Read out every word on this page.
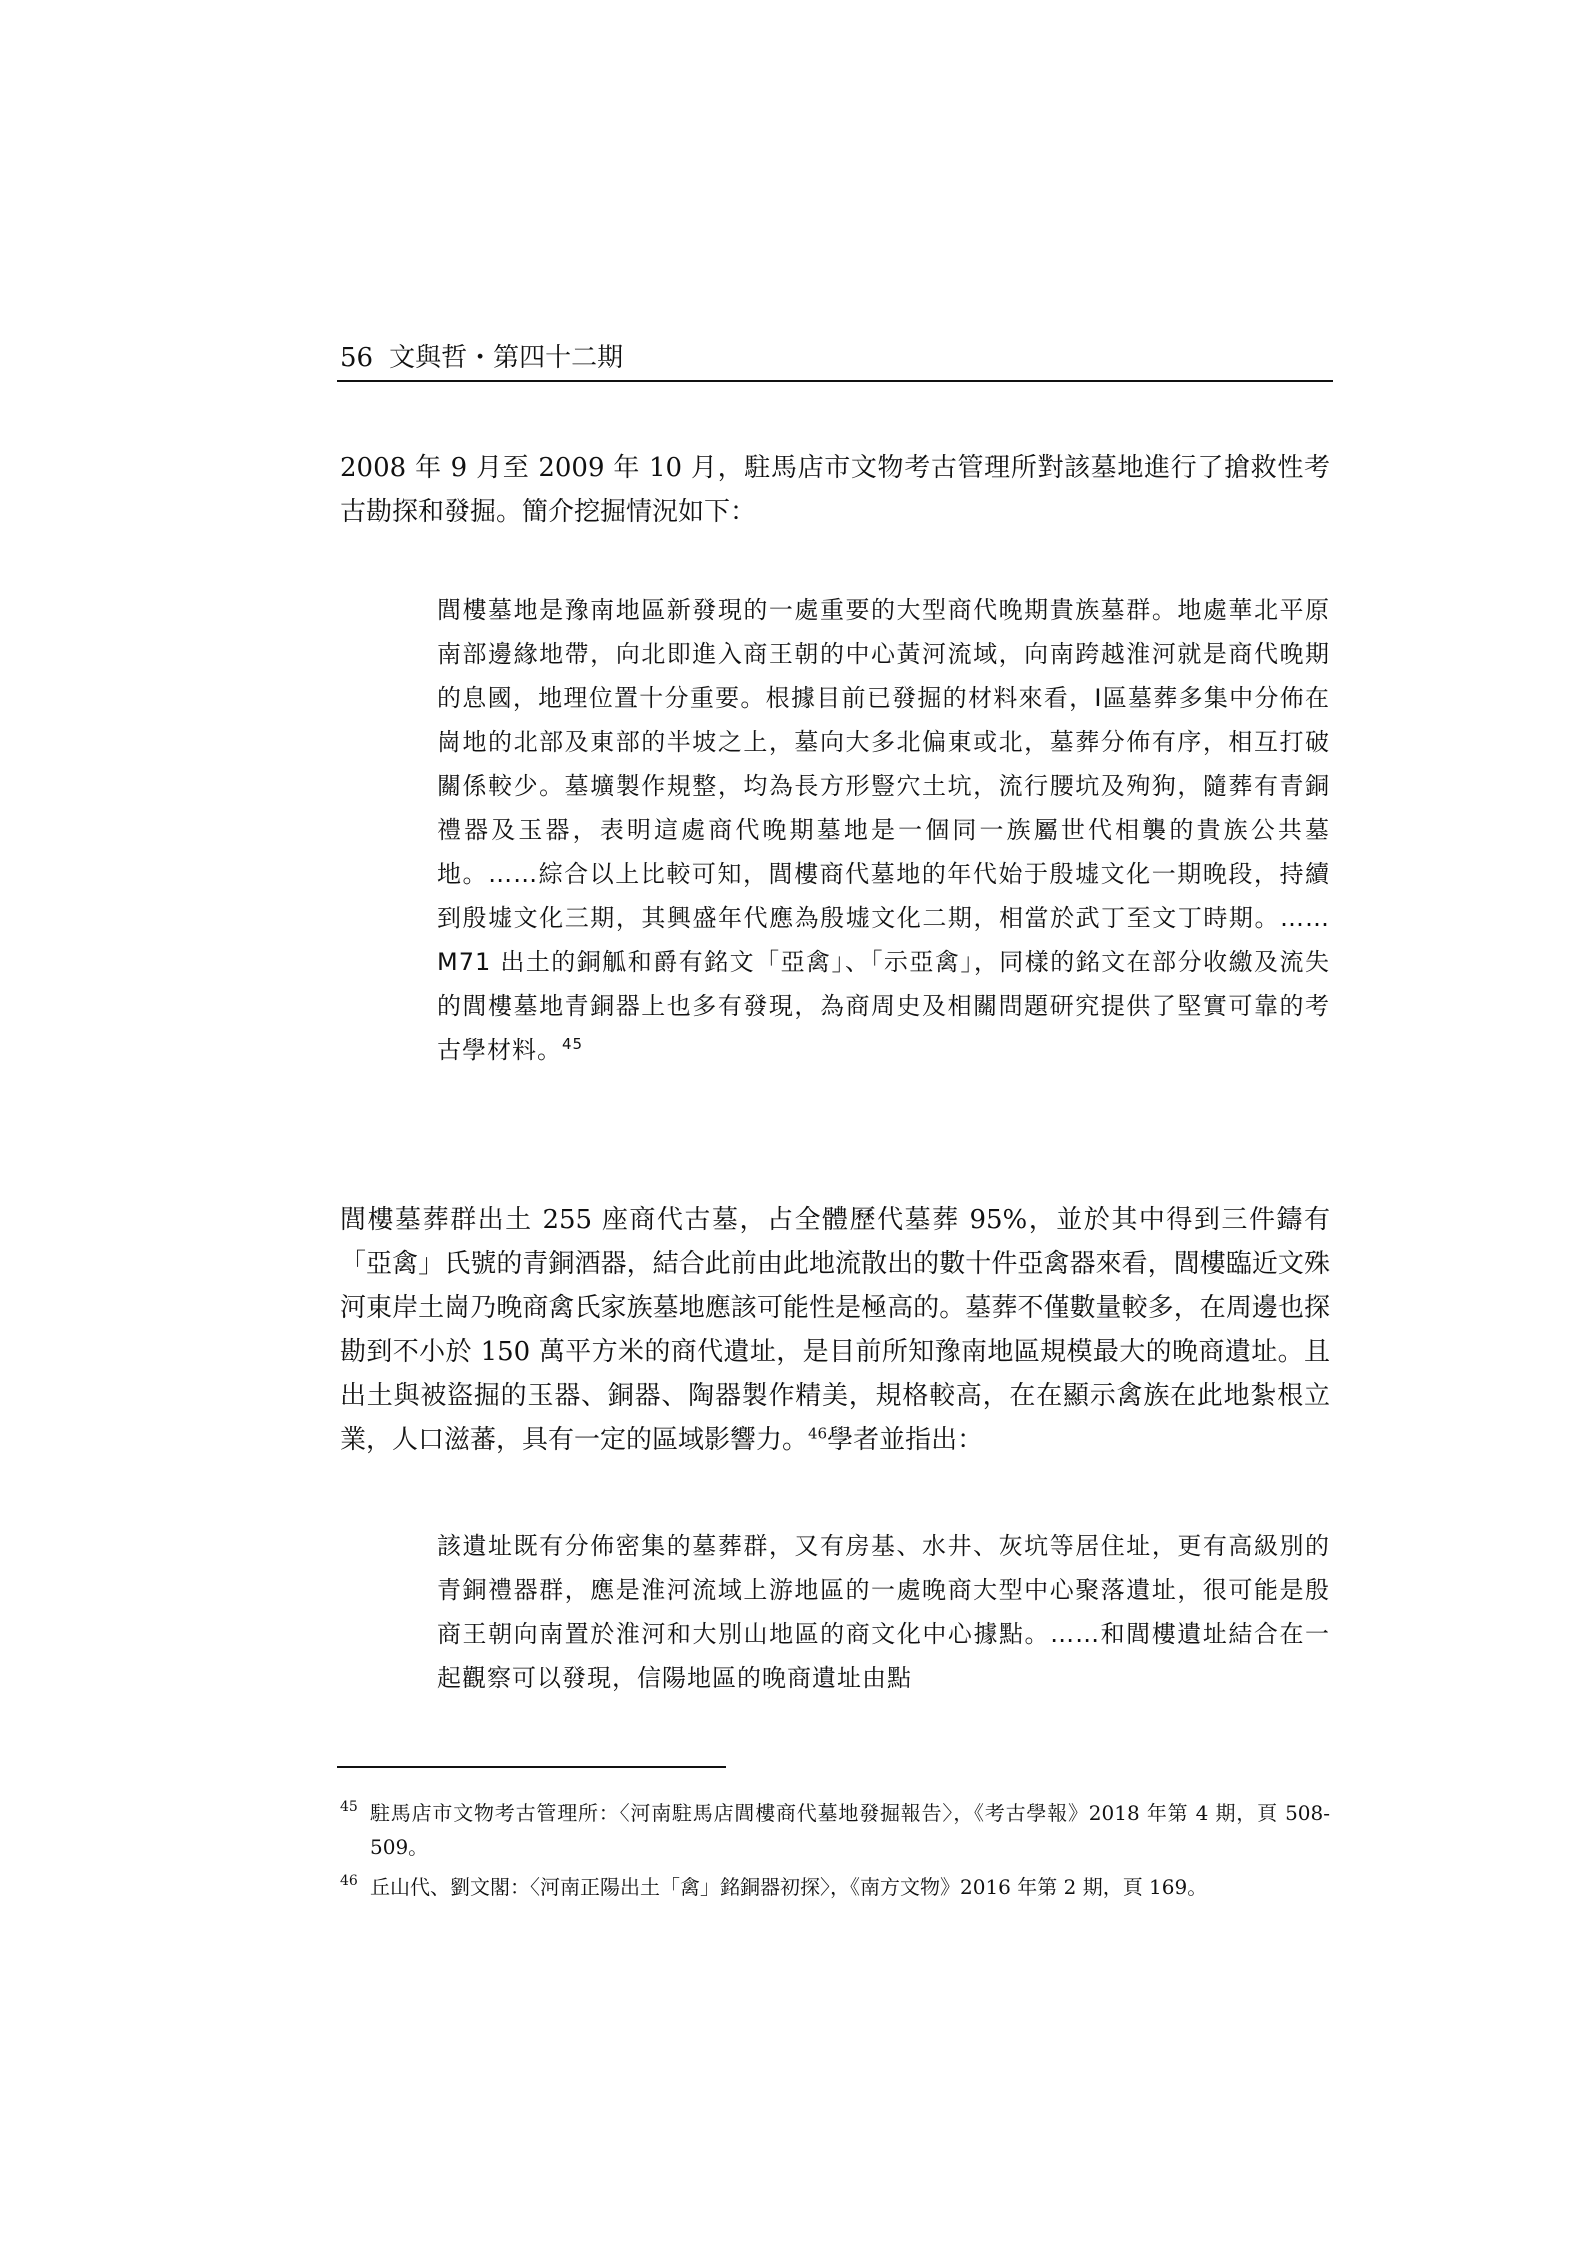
56 文與哲・第四十二期

2008 年 9 月至 2009 年 10 月，駐馬店市文物考古管理所對該墓地進行了搶救性考古勘探和發掘。簡介挖掘情況如下：

閭樓墓地是豫南地區新發現的一處重要的大型商代晚期貴族墓群。地處華北平原南部邊緣地帶，向北即進入商王朝的中心黃河流域，向南跨越淮河就是商代晚期的息國，地理位置十分重要。根據目前已發掘的材料來看，Ⅰ區墓葬多集中分佈在崗地的北部及東部的半坡之上，墓向大多北偏東或北，墓葬分佈有序，相互打破關係較少。墓壙製作規整，均為長方形豎穴土坑，流行腰坑及殉狗，隨葬有青銅禮器及玉器，表明這處商代晚期墓地是一個同一族屬世代相襲的貴族公共墓地。……綜合以上比較可知，閭樓商代墓地的年代始于殷墟文化一期晚段，持續到殷墟文化三期，其興盛年代應為殷墟文化二期，相當於武丁至文丁時期。……M71 出土的銅觚和爵有銘文「亞禽」、「示亞禽」，同樣的銘文在部分收繳及流失的閭樓墓地青銅器上也多有發現，為商周史及相關問題研究提供了堅實可靠的考古學材料。$^{45}$

閭樓墓葬群出土 255 座商代古墓，占全體歷代墓葬 95%，並於其中得到三件鑄有「亞禽」氏號的青銅酒器，結合此前由此地流散出的數十件亞禽器來看，閭樓臨近文殊河東岸土崗乃晚商禽氏家族墓地應該可能性是極高的。墓葬不僅數量較多，在周邊也探勘到不小於 150 萬平方米的商代遺址，是目前所知豫南地區規模最大的晚商遺址。且出土與被盜掘的玉器、銅器、陶器製作精美，規格較高，在在顯示禽族在此地紮根立業，人口滋蕃，具有一定的區域影響力。$^{46}$學者並指出：

該遺址既有分佈密集的墓葬群，又有房基、水井、灰坑等居住址，更有高級別的青銅禮器群，應是淮河流域上游地區的一處晚商大型中心聚落遺址，很可能是殷商王朝向南置於淮河和大別山地區的商文化中心據點。……和閭樓遺址結合在一起觀察可以發現，信陽地區的晚商遺址由點

45 駐馬店市文物考古管理所：〈河南駐馬店閭樓商代墓地發掘報告〉，《考古學報》2018 年第 4 期，頁 508-509。
46 丘山代、劉文閣：〈河南正陽出土「禽」銘銅器初探〉，《南方文物》2016 年第 2 期，頁 169。
